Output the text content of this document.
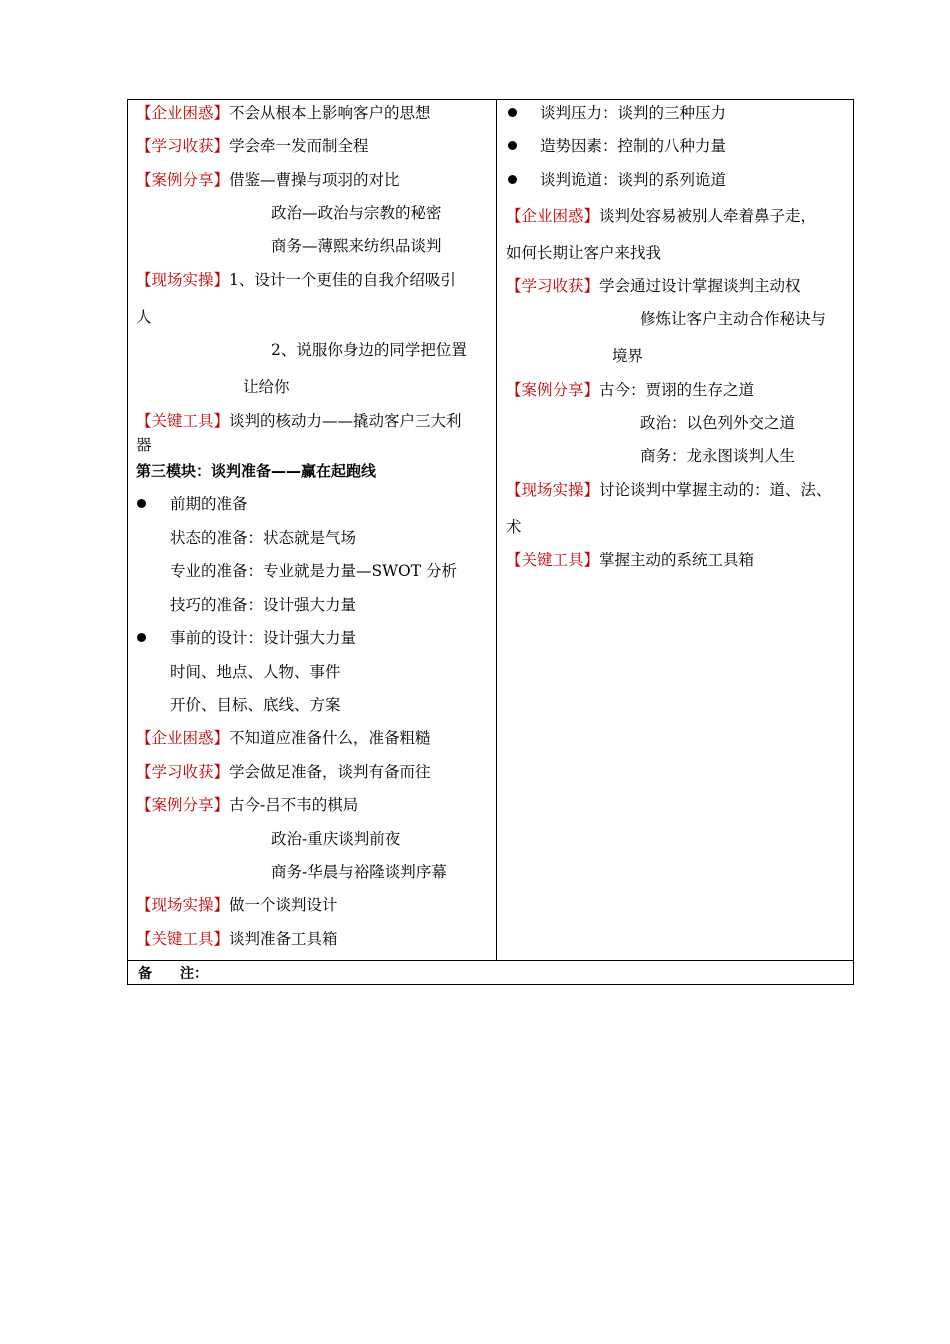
【企业困惑】不会从根本上影响客户的思想
【学习收获】学会牵一发而制全程
【案例分享】借鉴—曹操与项羽的对比
政治—政治与宗教的秘密
商务—薄熙来纺织品谈判
【现场实操】1、设计一个更佳的自我介绍吸引
人
2、说服你身边的同学把位置
让给你
【关键工具】谈判的核动力——撬动客户三大利
器
第三模块：谈判准备——赢在起跑线
前期的准备
状态的准备：状态就是气场
专业的准备：专业就是力量—SWOT 分析
技巧的准备：设计强大力量
事前的设计：设计强大力量
时间、地点、人物、事件
开价、目标、底线、方案
【企业困惑】不知道应准备什么，准备粗糙
【学习收获】学会做足准备，谈判有备而往
【案例分享】古今-吕不韦的棋局
政治-重庆谈判前夜
商务-华晨与裕隆谈判序幕
【现场实操】做一个谈判设计
【关键工具】谈判准备工具箱
谈判压力：谈判的三种压力
造势因素：控制的八种力量
谈判诡道：谈判的系列诡道
【企业困惑】谈判处容易被别人牵着鼻子走，
如何长期让客户来找我
【学习收获】学会通过设计掌握谈判主动权
修炼让客户主动合作秘诀与
境界
【案例分享】古今：贾诩的生存之道
政治：以色列外交之道
商务：龙永图谈判人生
【现场实操】讨论谈判中掌握主动的：道、法、
术
【关键工具】掌握主动的系统工具箱
备　　注：
